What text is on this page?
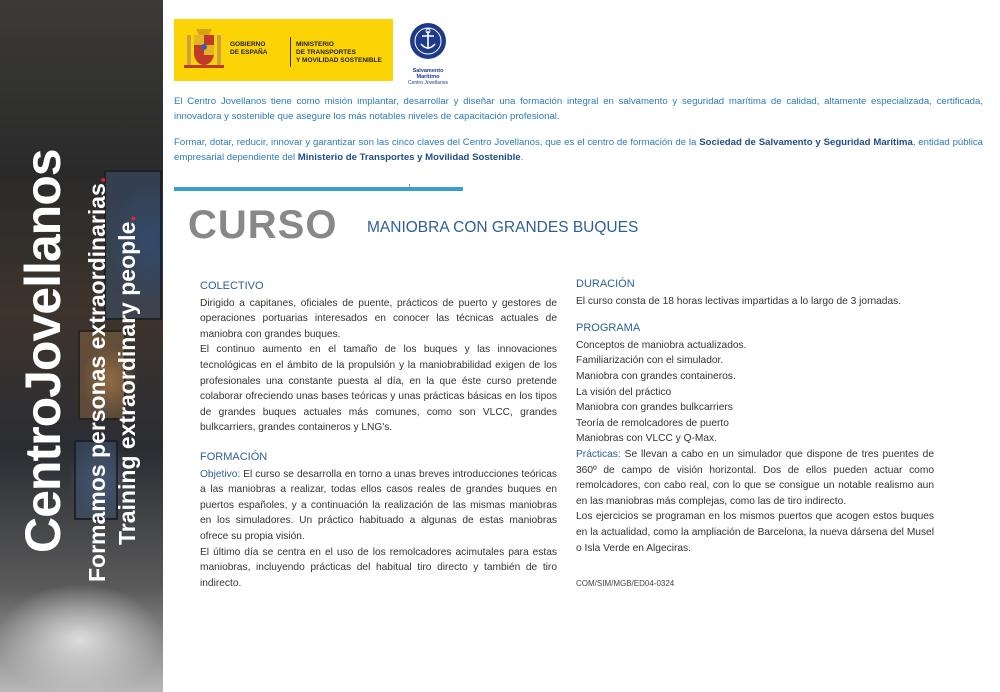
CentroJovellanos Formamos personas extraordinarias.
Training extraordinary people.
GOBIERNO
DE ESPAÑA
MINISTERIO
DE TRANSPORTES
Y MOVILIDAD SOSTENIBLE
Salvamento Marítimo
Centro Jovellanos

El Centro Jovellanos tiene como misión implantar, desarrollar y diseñar una formación integral en salvamento y seguridad marítima de calidad, altamente especializada, certificada, innovadora y sostenible que asegure los más notables niveles de capacitación profesional.

Formar, dotar, reducir, innovar y garantizar son las cinco claves del Centro Jovellanos, que es el centro de formación de la Sociedad de Salvamento y Seguridad Marítima, entidad pública empresarial dependiente del Ministerio de Transportes y Movilidad Sostenible.

CURSO MANIOBRA CON GRANDES BUQUES
COLECTIVO

Dirigido a capitanes, oficiales de puente, prácticos de puerto y gestores de operaciones portuarias interesados en conocer las técnicas actuales de maniobra con grandes buques.

El continuo aumento en el tamaño de los buques y las innovaciones tecnológicas en el ámbito de la propulsión y la maniobrabilidad exigen de los profesionales una constante puesta al día, en la que éste curso pretende colaborar ofreciendo unas bases teóricas y unas prácticas básicas en los tipos de grandes buques actuales más comunes, como son VLCC, grandes bulkcarriers, grandes containeros y LNG's.

FORMACIÓN

Objetivo: El curso se desarrolla en torno a unas breves introducciones teóricas a las maniobras a realizar, todas ellos casos reales de grandes buques en puertos españoles, y a continuación la realización de las mismas maniobras en los simuladores. Un práctico habituado a algunas de estas maniobras ofrece su propia visión.

El último día se centra en el uso de los remolcadores acimutales para estas maniobras, incluyendo prácticas del habitual tiro directo y también de tiro indirecto.

DURACIÓN

El curso consta de 18 horas lectivas impartidas a lo largo de 3 jornadas.

PROGRAMA
Conceptos de maniobra actualizados.
Familiarización con el simulador.
Maniobra con grandes containeros.
La visión del práctico
Maniobra con grandes bulkcarriers
Teoría de remolcadores de puerto
Maniobras con VLCC y Q-Max.

Prácticas: Se llevan a cabo en un simulador que dispone de tres puentes de 360º de campo de visión horizontal. Dos de ellos pueden actuar como remolcadores, con cabo real, con lo que se consigue un notable realismo aun en las maniobras más complejas, como las de tiro indirecto.

Los ejercicios se programan en los mismos puertos que acogen estos buques en la actualidad, como la ampliación de Barcelona, la nueva dársena del Musel o Isla Verde en Algeciras.

COM/SIM/MGB/ED04-0324
